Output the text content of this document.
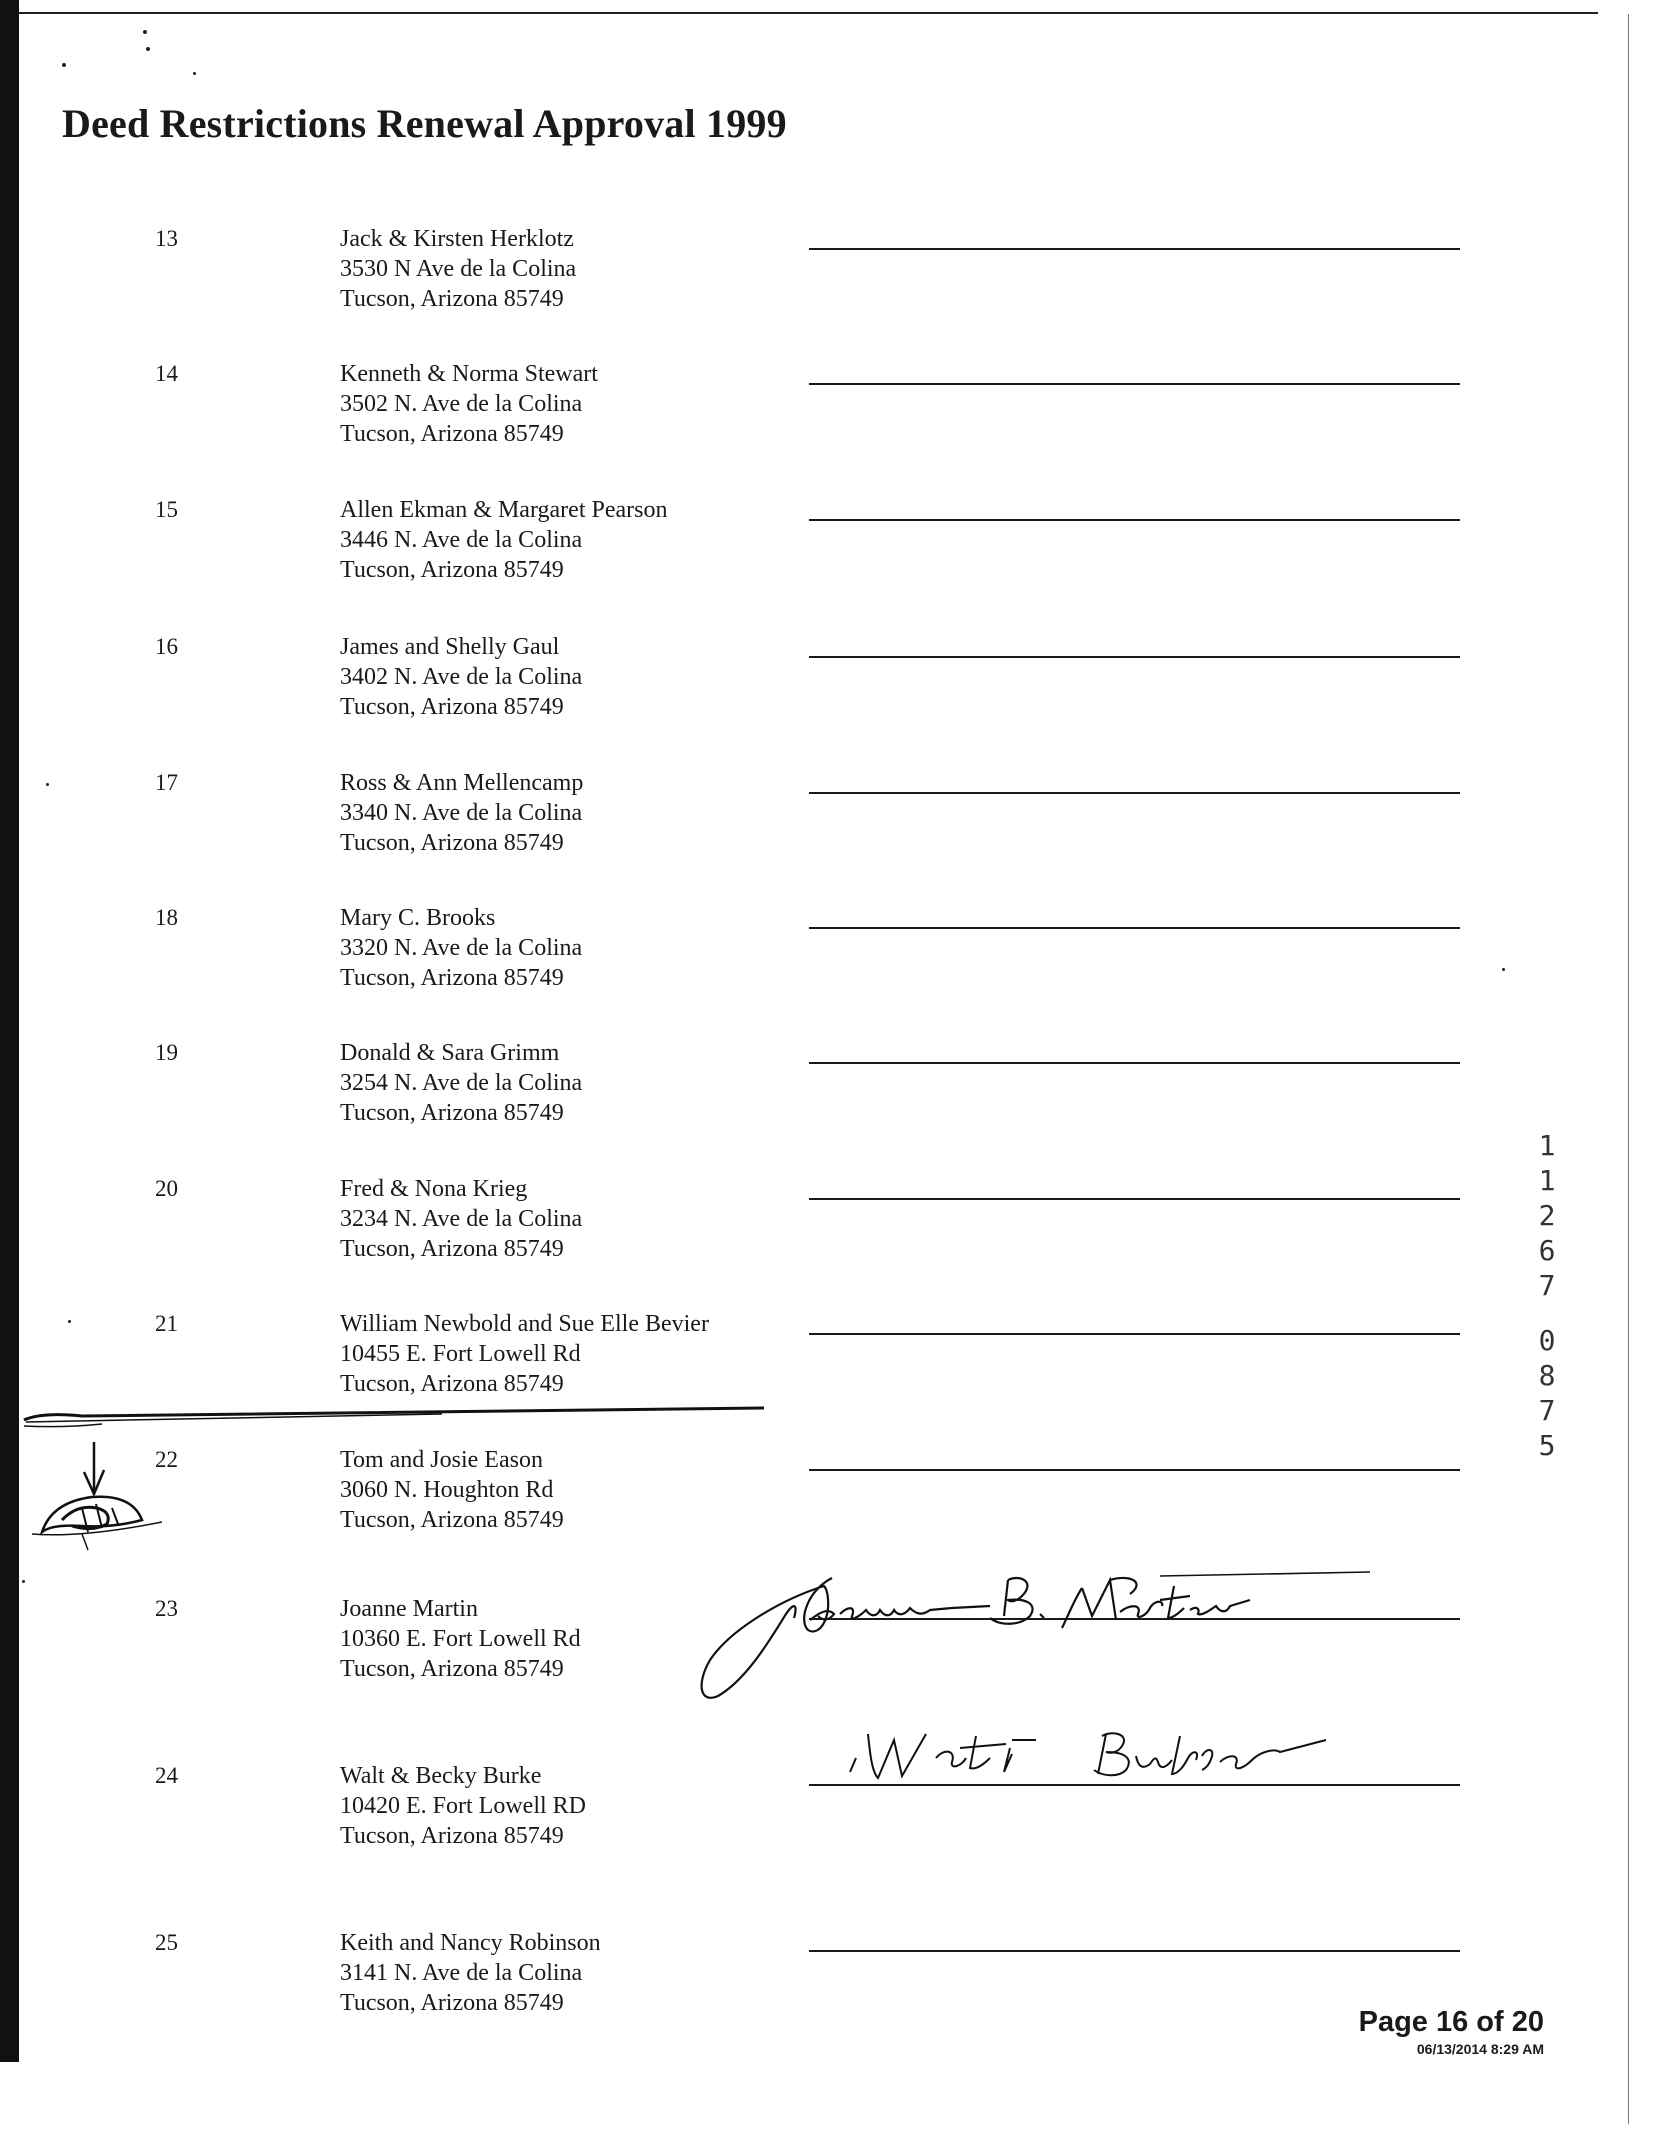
Deed Restrictions Renewal Approval 1999
13	Jack & Kirsten Herklotz
3530 N Ave de la Colina
Tucson, Arizona 85749
14	Kenneth & Norma Stewart
3502 N. Ave de la Colina
Tucson, Arizona 85749
15	Allen Ekman & Margaret Pearson
3446 N. Ave de la Colina
Tucson, Arizona 85749
16	James and Shelly Gaul
3402 N. Ave de la Colina
Tucson, Arizona 85749
17	Ross & Ann Mellencamp
3340 N. Ave de la Colina
Tucson, Arizona 85749
18	Mary C. Brooks
3320 N. Ave de la Colina
Tucson, Arizona 85749
19	Donald & Sara Grimm
3254 N. Ave de la Colina
Tucson, Arizona 85749
20	Fred & Nona Krieg
3234 N. Ave de la Colina
Tucson, Arizona 85749
21	William Newbold and Sue Elle Bevier
10455 E. Fort Lowell Rd
Tucson, Arizona 85749
22	Tom and Josie Eason
3060 N. Houghton Rd
Tucson, Arizona 85749
23	Joanne Martin
10360 E. Fort Lowell Rd
Tucson, Arizona 85749
24	Walt & Becky Burke
10420 E. Fort Lowell RD
Tucson, Arizona 85749
25	Keith and Nancy Robinson
3141 N. Ave de la Colina
Tucson, Arizona 85749
1
1
2
6
7
0
8
7
5
Page 16 of 20
06/13/2014 8:29 AM
